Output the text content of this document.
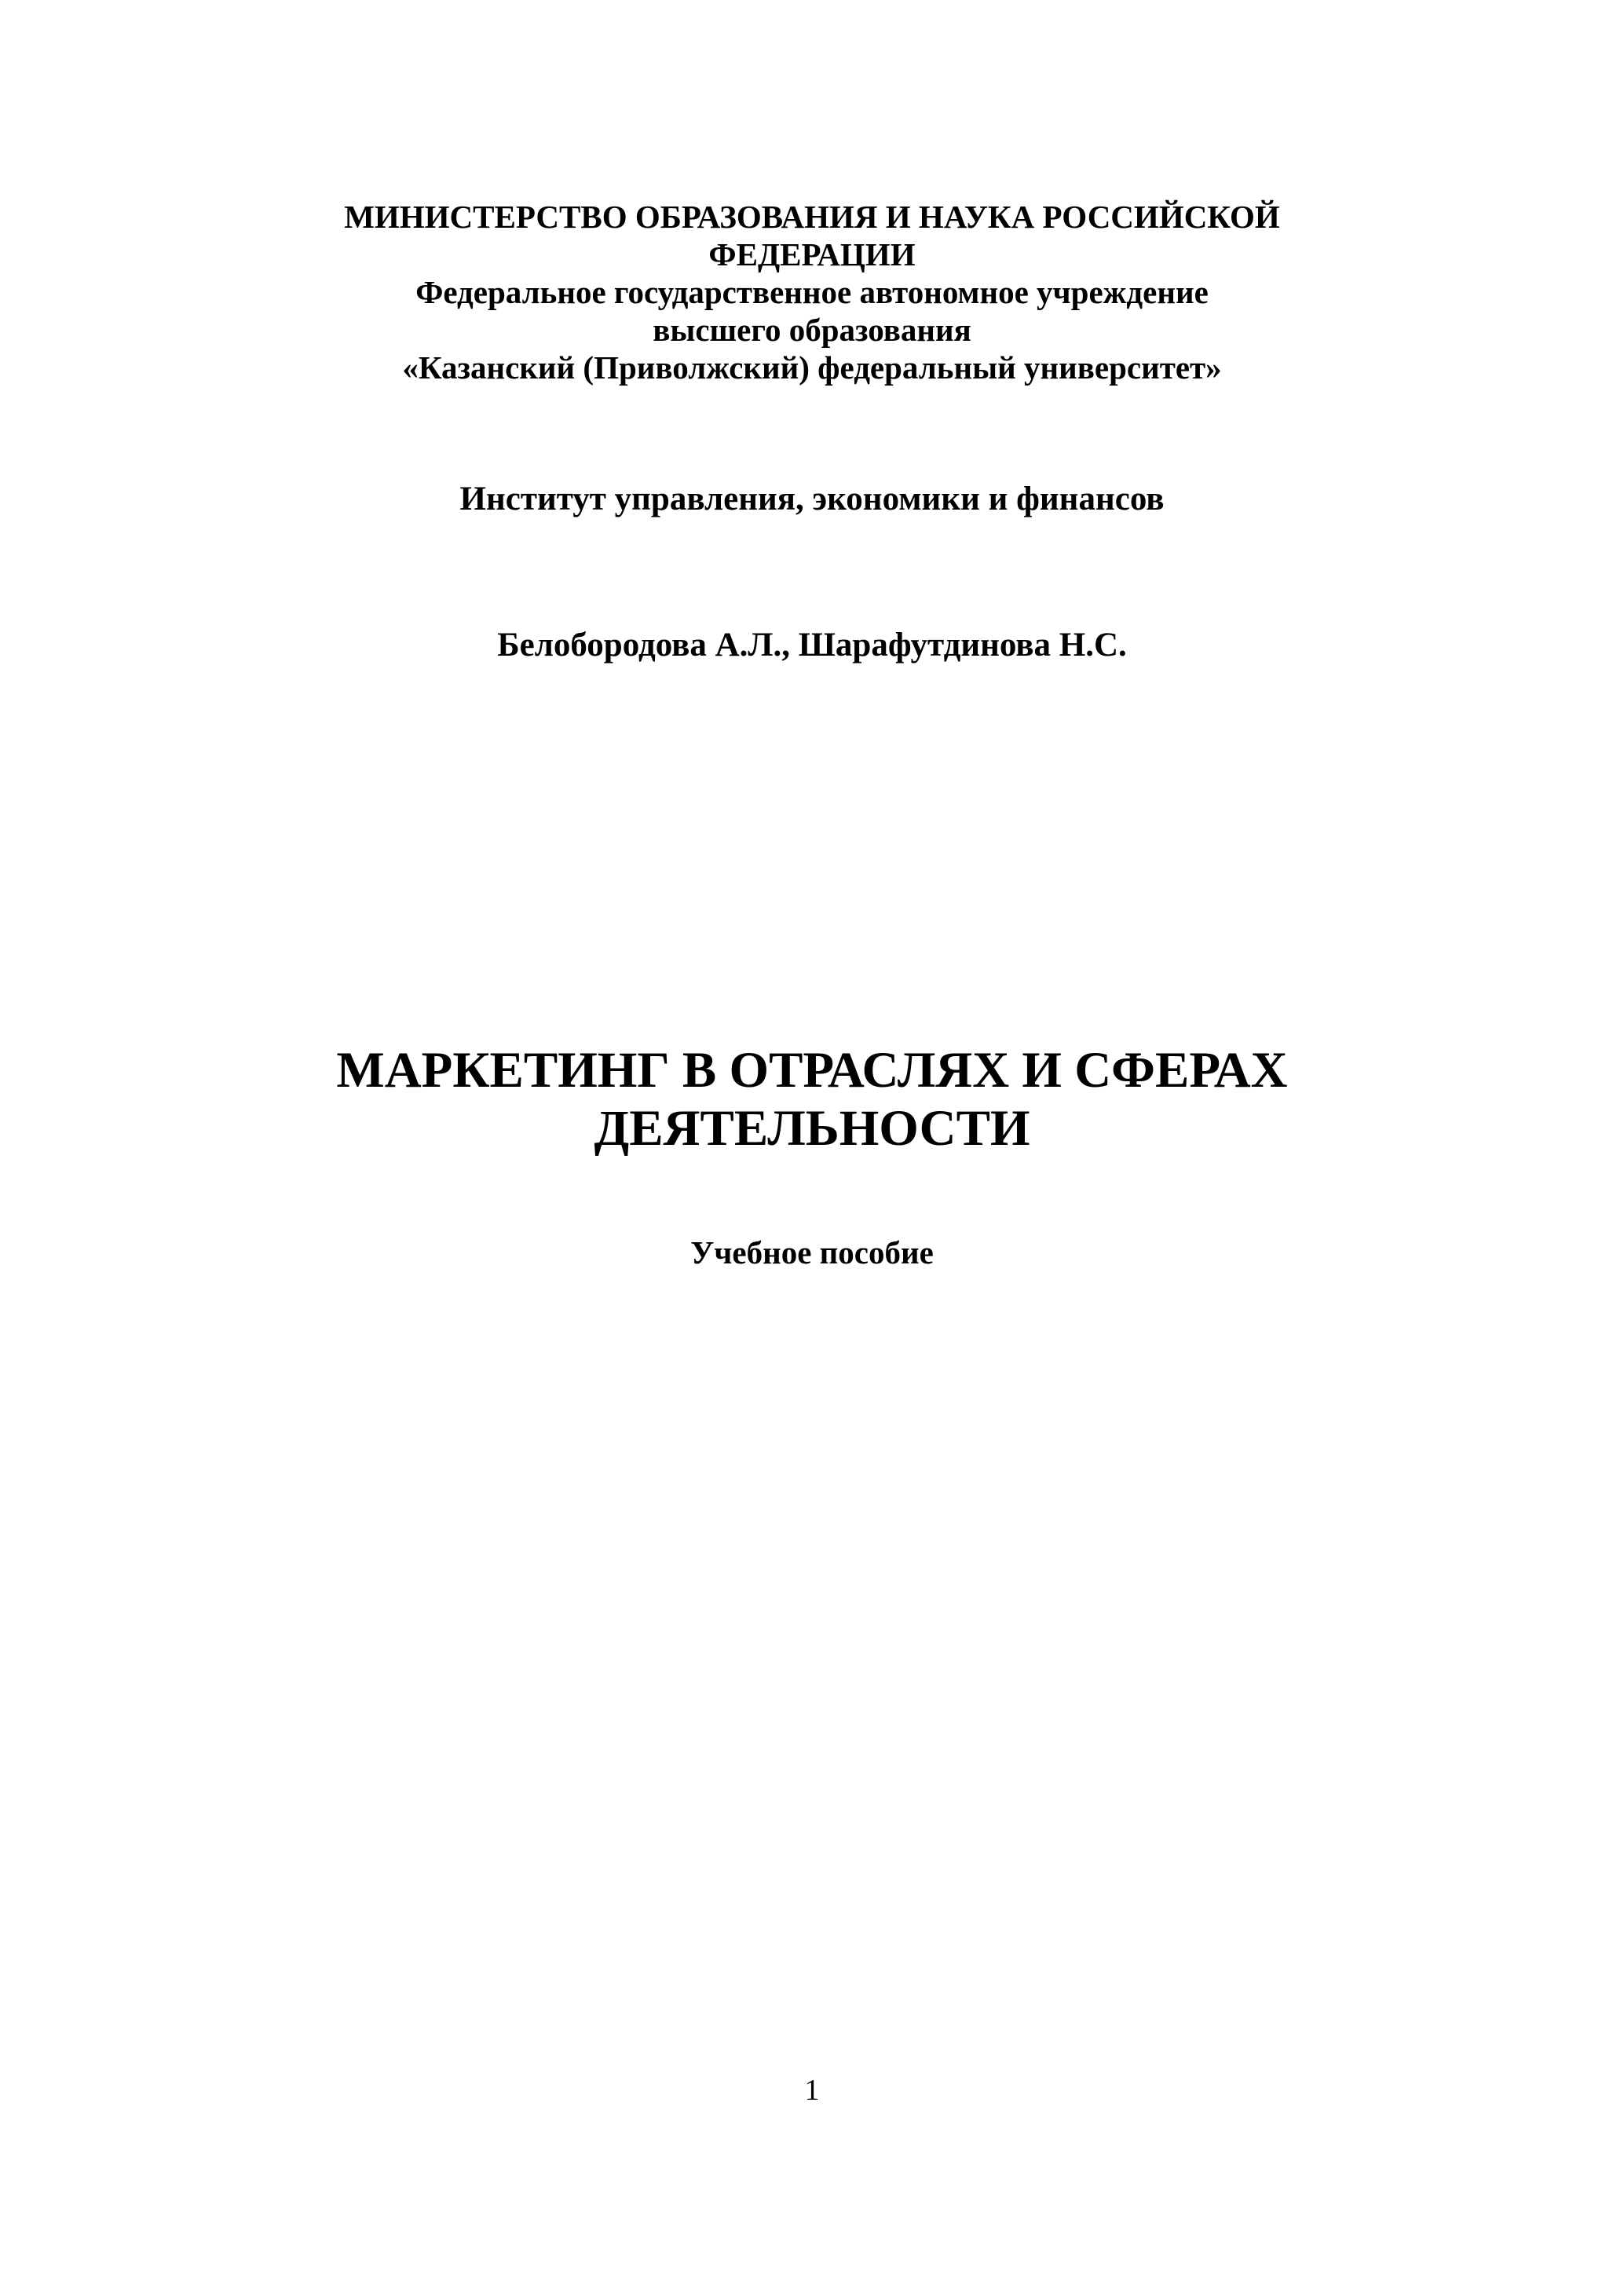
МИНИСТЕРСТВО ОБРАЗОВАНИЯ И НАУКА РОССИЙСКОЙ
ФЕДЕРАЦИИ
Федеральное государственное автономное учреждение
высшего образования
«Казанский (Приволжский) федеральный университет»
Институт управления, экономики и финансов
Белобородова А.Л., Шарафутдинова Н.С.
МАРКЕТИНГ В ОТРАСЛЯХ И СФЕРАХ
ДЕЯТЕЛЬНОСТИ
Учебное пособие
1
